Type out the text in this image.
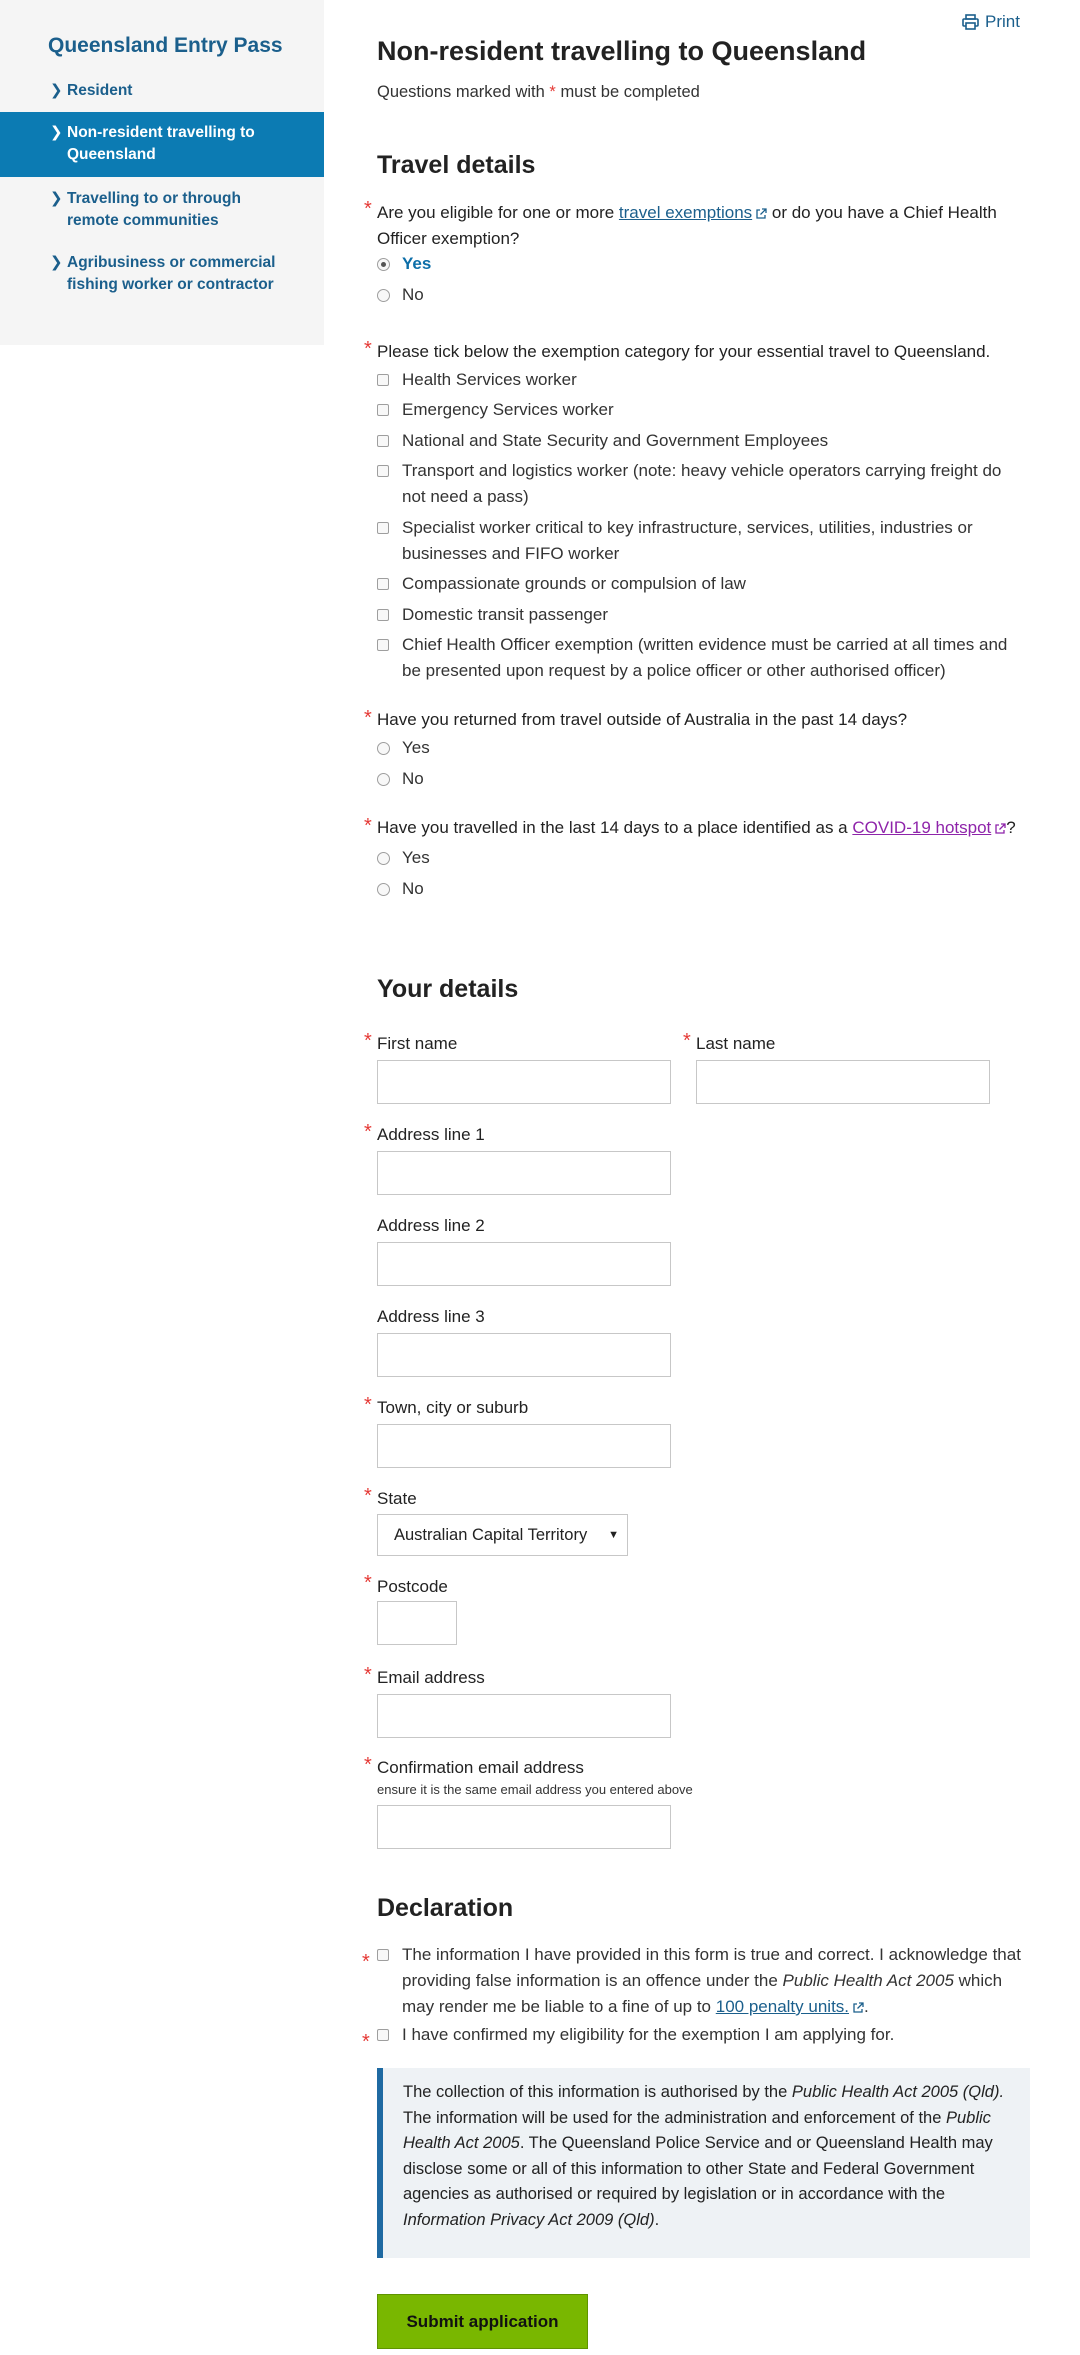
Queensland Entry Pass
❯ Resident
❯ Non-resident travelling to Queensland
❯ Travelling to or through remote communities
❯ Agribusiness or commercial fishing worker or contractor
Print
Non-resident travelling to Queensland
Questions marked with * must be completed
Travel details
* Are you eligible for one or more travel exemptions or do you have a Chief Health Officer exemption?
Yes
No
* Please tick below the exemption category for your essential travel to Queensland.
Health Services worker
Emergency Services worker
National and State Security and Government Employees
Transport and logistics worker (note: heavy vehicle operators carrying freight do not need a pass)
Specialist worker critical to key infrastructure, services, utilities, industries or businesses and FIFO worker
Compassionate grounds or compulsion of law
Domestic transit passenger
Chief Health Officer exemption (written evidence must be carried at all times and be presented upon request by a police officer or other authorised officer)
* Have you returned from travel outside of Australia in the past 14 days?
Yes
No
* Have you travelled in the last 14 days to a place identified as a COVID-19 hotspot ?
Yes
No
Your details
* First name	* Last name
* Address line 1
Address line 2
Address line 3
* Town, city or suburb
* State
Australian Capital Territory ▼
* Postcode
* Email address
* Confirmation email address
ensure it is the same email address you entered above
Declaration
* The information I have provided in this form is true and correct. I acknowledge that providing false information is an offence under the Public Health Act 2005 which may render me be liable to a fine of up to 100 penalty units. .
* I have confirmed my eligibility for the exemption I am applying for.
The collection of this information is authorised by the Public Health Act 2005 (Qld). The information will be used for the administration and enforcement of the Public Health Act 2005. The Queensland Police Service and or Queensland Health may disclose some or all of this information to other State and Federal Government agencies as authorised or required by legislation or in accordance with the Information Privacy Act 2009 (Qld).
Submit application
